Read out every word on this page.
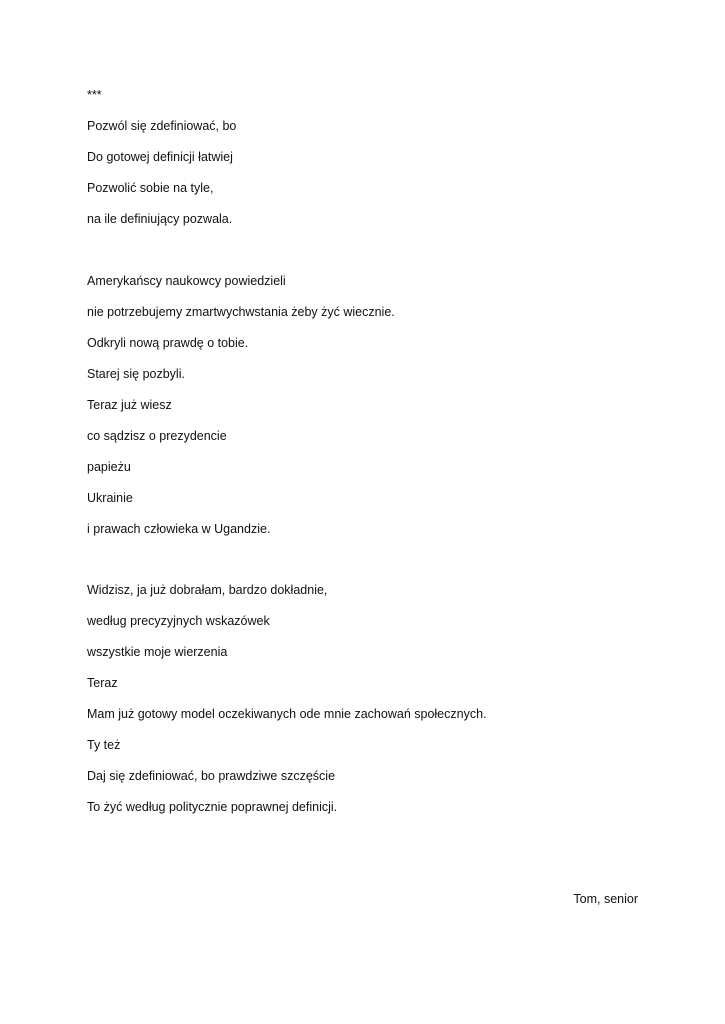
***
Pozwól się zdefiniować, bo
Do gotowej definicji łatwiej
Pozwolić sobie na tyle,
na ile definiujący pozwala.
Amerykańscy naukowcy powiedzieli
nie potrzebujemy zmartwychwstania żeby żyć wiecznie.
Odkryli nową prawdę o tobie.
Starej się pozbyli.
Teraz już wiesz
co sądzisz o prezydencie
papieżu
Ukrainie
i prawach człowieka w Ugandzie.
Widzisz, ja już dobrałam, bardzo dokładnie,
według precyzyjnych wskazówek
wszystkie moje wierzenia
Teraz
Mam już gotowy model oczekiwanych ode mnie zachowań społecznych.
Ty też
Daj się zdefiniować, bo prawdziwe szczęście
To żyć według politycznie poprawnej definicji.
Tom, senior
